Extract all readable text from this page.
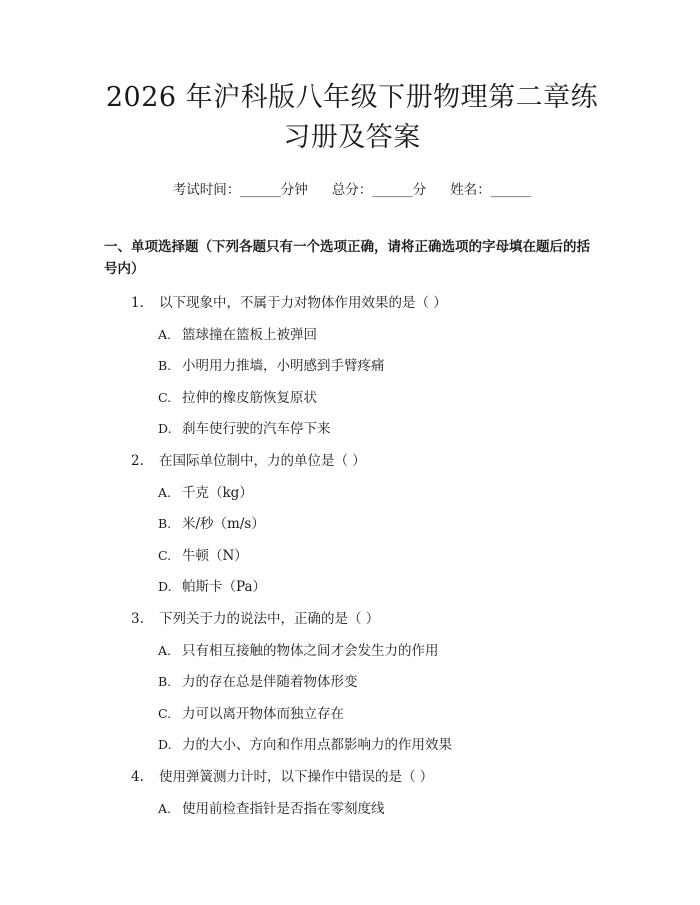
2026 年沪科版八年级下册物理第二章练习册及答案
考试时间：______分钟 总分：______分 姓名：______
一、单项选择题（下列各题只有一个选项正确，请将正确选项的字母填在题后的括号内）
1.	以下现象中，不属于力对物体作用效果的是（ ）
A. 篮球撞在篮板上被弹回
B. 小明用力推墙，小明感到手臂疼痛
C. 拉伸的橡皮筋恢复原状
D. 刹车使行驶的汽车停下来
2.	在国际单位制中，力的单位是（ ）
A. 千克（kg）
B. 米/秒（m/s）
C. 牛顿（N）
D. 帕斯卡（Pa）
3.	下列关于力的说法中，正确的是（ ）
A. 只有相互接触的物体之间才会发生力的作用
B. 力的存在总是伴随着物体形变
C. 力可以离开物体而独立存在
D. 力的大小、方向和作用点都影响力的作用效果
4.	使用弹簧测力计时，以下操作中错误的是（ ）
A. 使用前检查指针是否指在零刻度线
